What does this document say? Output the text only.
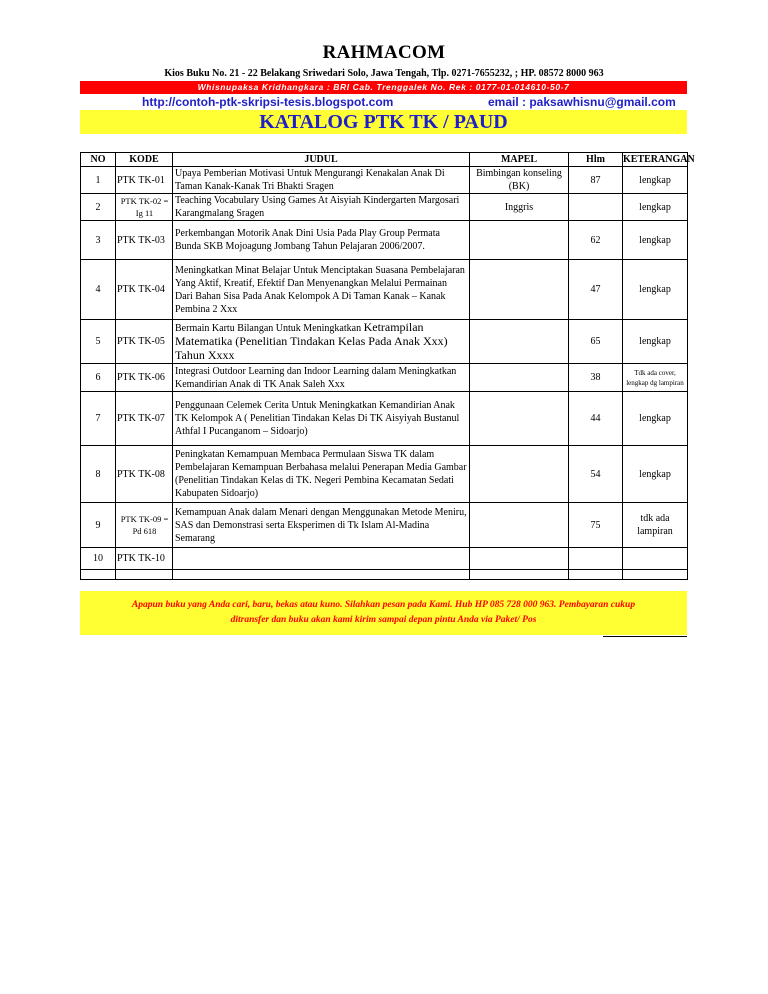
RAHMACOM
Kios Buku No. 21 - 22 Belakang Sriwedari Solo, Jawa Tengah, Tlp. 0271-7655232, ; HP. 08572 8000 963
Whisnupaksa Kridhangkara : BRI Cab. Trenggalek No. Rek : 0177-01-014610-50-7
http://contoh-ptk-skripsi-tesis.blogspot.com	email : paksawhisnu@gmail.com
KATALOG PTK TK / PAUD
NO	KODE	JUDUL	MAPEL	Hlm	KETERANGAN
1	PTK TK-01	Upaya Pemberian Motivasi Untuk Mengurangi Kenakalan Anak Di Taman Kanak-Kanak Tri Bhakti Sragen	Bimbingan konseling (BK)	87	lengkap
2	PTK TK-02 = Ig 11	Teaching Vocabulary Using Games At Aisyiah Kindergarten Margosari Karangmalang Sragen	Inggris		lengkap
3	PTK TK-03	Perkembangan Motorik Anak Dini Usia Pada Play Group Permata Bunda SKB Mojoagung Jombang Tahun Pelajaran 2006/2007.		62	lengkap
4	PTK TK-04	Meningkatkan Minat Belajar Untuk Menciptakan Suasana Pembelajaran Yang Aktif, Kreatif, Efektif Dan Menyenangkan Melalui Permainan Dari Bahan Sisa Pada Anak Kelompok A Di Taman Kanak – Kanak Pembina 2 Xxx		47	lengkap
5	PTK TK-05	Bermain Kartu Bilangan Untuk Meningkatkan Ketrampilan Matematika (Penelitian Tindakan Kelas Pada Anak Xxx) Tahun Xxxx		65	lengkap
6	PTK TK-06	Integrasi Outdoor Learning dan Indoor Learning dalam Meningkatkan Kemandirian Anak di TK Anak Saleh Xxx		38	Tdk ada cover, lengkap dg lampiran
7	PTK TK-07	Penggunaan Celemek Cerita Untuk Meningkatkan Kemandirian Anak TK Kelompok A ( Penelitian Tindakan Kelas Di TK Aisyiyah Bustanul Athfal I Pucanganom – Sidoarjo)		44	lengkap
8	PTK TK-08	Peningkatan Kemampuan Membaca Permulaan Siswa TK dalam Pembelajaran Kemampuan Berbahasa melalui Penerapan Media Gambar (Penelitian Tindakan Kelas di TK. Negeri Pembina Kecamatan Sedati Kabupaten Sidoarjo)		54	lengkap
9	PTK TK-09 = Pd 618	Kemampuan Anak dalam Menari dengan Menggunakan Metode Meniru, SAS dan Demonstrasi serta Eksperimen di Tk Islam Al-Madina Semarang		75	tdk ada lampiran
10	PTK TK-10				

Apapun buku yang Anda cari, baru, bekas atau kuno. Silahkan pesan pada Kami. Hub HP 085 728 000 963. Pembayaran cukup
ditransfer dan buku akan kami kirim sampai depan pintu Anda via Paket/ Pos
